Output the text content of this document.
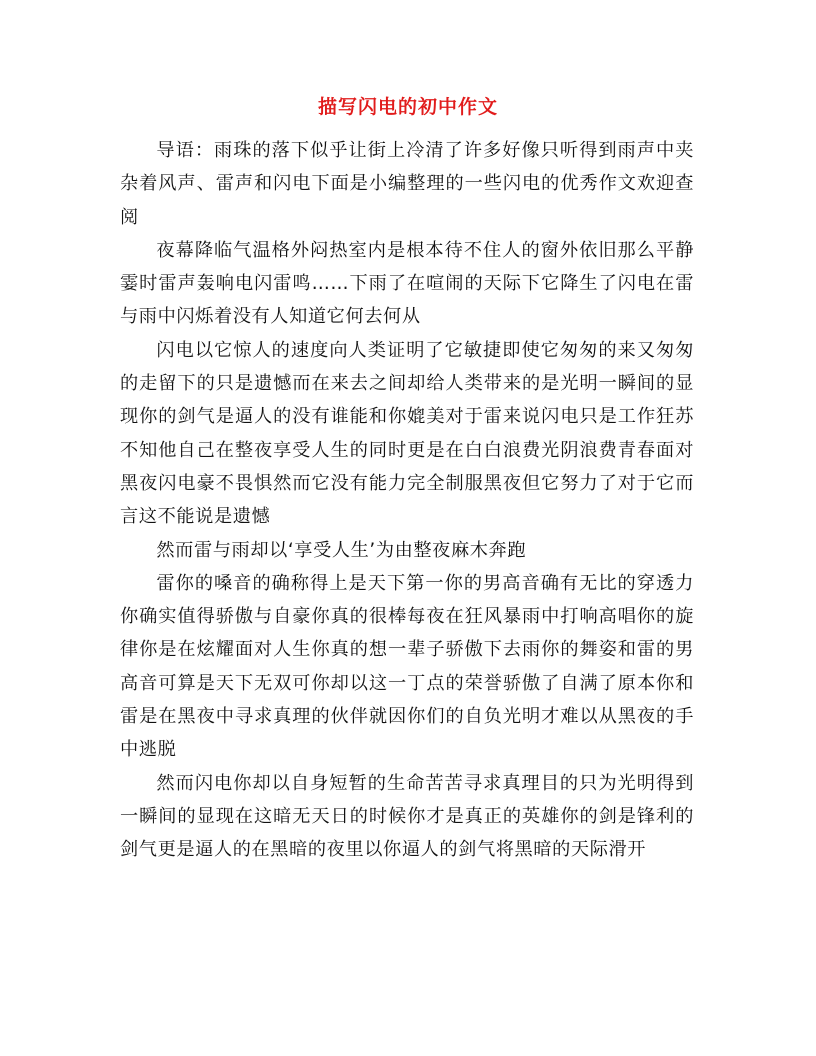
描写闪电的初中作文

导语：雨珠的落下似乎让街上冷清了许多好像只听得到雨声中夹杂着风声、雷声和闪电下面是小编整理的一些闪电的优秀作文欢迎查阅

夜幕降临气温格外闷热室内是根本待不住人的窗外依旧那么平静霎时雷声轰响电闪雷鸣……下雨了在喧闹的天际下它降生了闪电在雷与雨中闪烁着没有人知道它何去何从

闪电以它惊人的速度向人类证明了它敏捷即使它匆匆的来又匆匆的走留下的只是遗憾而在来去之间却给人类带来的是光明一瞬间的显现你的剑气是逼人的没有谁能和你媲美对于雷来说闪电只是工作狂苏不知他自己在整夜享受人生的同时更是在白白浪费光阴浪费青春面对黑夜闪电豪不畏惧然而它没有能力完全制服黑夜但它努力了对于它而言这不能说是遗憾

然而雷与雨却以‘享受人生’为由整夜麻木奔跑

雷你的嗓音的确称得上是天下第一你的男高音确有无比的穿透力你确实值得骄傲与自豪你真的很棒每夜在狂风暴雨中打响高唱你的旋律你是在炫耀面对人生你真的想一辈子骄傲下去雨你的舞姿和雷的男高音可算是天下无双可你却以这一丁点的荣誉骄傲了自满了原本你和雷是在黑夜中寻求真理的伙伴就因你们的自负光明才难以从黑夜的手中逃脱

然而闪电你却以自身短暂的生命苦苦寻求真理目的只为光明得到一瞬间的显现在这暗无天日的时候你才是真正的英雄你的剑是锋利的剑气更是逼人的在黑暗的夜里以你逼人的剑气将黑暗的天际滑开
